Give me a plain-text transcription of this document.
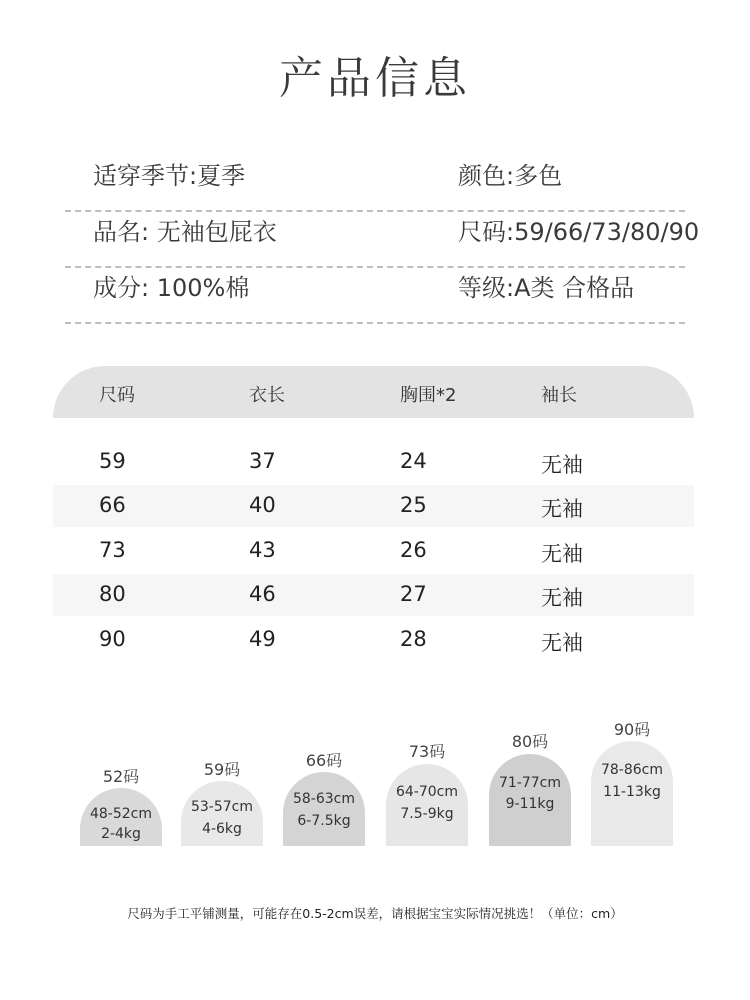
产品信息
适穿季节:夏季	颜色:多色
品名: 无袖包屁衣	尺码:59/66/73/80/90
成分: 100%棉	等级:A类 合格品
尺码	衣长	胸围*2	袖长
59	37	24	无袖
66	40	25	无袖
73	43	26	无袖
80	46	27	无袖
90	49	28	无袖
52码
48-52cm
2-4kg
59码
53-57cm
4-6kg
66码
58-63cm
6-7.5kg
73码
64-70cm
7.5-9kg
80码
71-77cm
9-11kg
90码
78-86cm
11-13kg
尺码为手工平铺测量，可能存在0.5-2cm误差，请根据宝宝实际情况挑选！（单位：cm）
